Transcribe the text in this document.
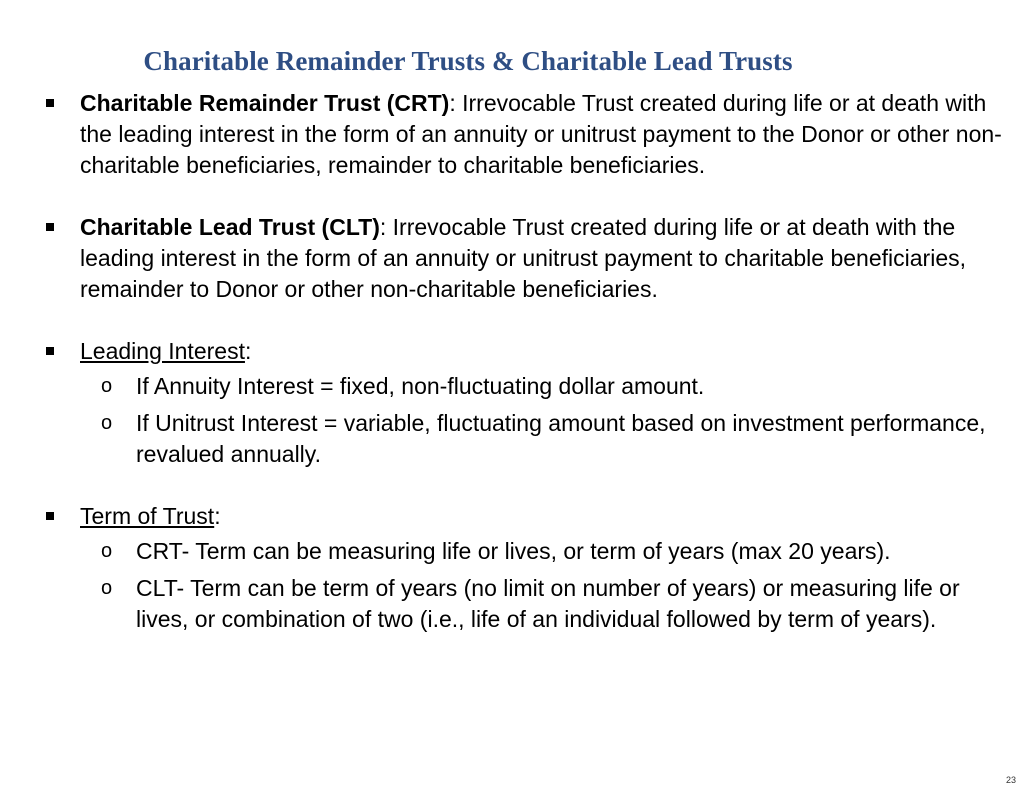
Charitable Remainder Trusts & Charitable Lead Trusts
Charitable Remainder Trust (CRT): Irrevocable Trust created during life or at death with the leading interest in the form of an annuity or unitrust payment to the Donor or other non-charitable beneficiaries, remainder to charitable beneficiaries.
Charitable Lead Trust (CLT): Irrevocable Trust created during life or at death with the leading interest in the form of an annuity or unitrust payment to charitable beneficiaries, remainder to Donor or other non-charitable beneficiaries.
Leading Interest:
o If Annuity Interest = fixed, non-fluctuating dollar amount.
o If Unitrust Interest = variable, fluctuating amount based on investment performance, revalued annually.
Term of Trust:
o CRT- Term can be measuring life or lives, or term of years (max 20 years).
o CLT- Term can be term of years (no limit on number of years) or measuring life or lives, or combination of two (i.e., life of an individual followed by term of years).
23
